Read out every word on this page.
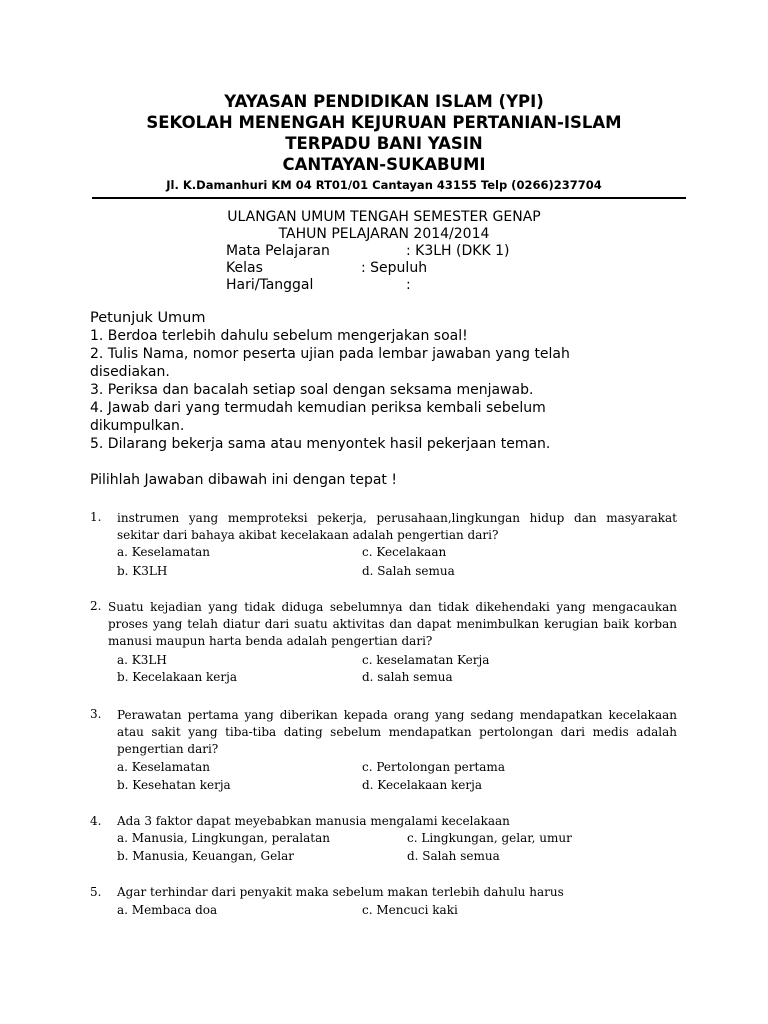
YAYASAN PENDIDIKAN ISLAM (YPI)
SEKOLAH MENENGAH KEJURUAN PERTANIAN-ISLAM
TERPADU BANI YASIN
CANTAYAN-SUKABUMI
Jl. K.Damanhuri KM 04 RT01/01 Cantayan 43155 Telp (0266)237704
ULANGAN UMUM TENGAH SEMESTER GENAP
TAHUN PELAJARAN 2014/2014
Mata Pelajaran	: K3LH (DKK 1)
Kelas	: Sepuluh
Hari/Tanggal	:
Petunjuk Umum
1. Berdoa terlebih dahulu sebelum mengerjakan soal!
2. Tulis Nama, nomor peserta ujian pada lembar jawaban yang telah
disediakan.
3. Periksa dan bacalah setiap soal dengan seksama menjawab.
4. Jawab dari yang termudah kemudian periksa kembali sebelum
dikumpulkan.
5. Dilarang bekerja sama atau menyontek hasil pekerjaan teman.
Pilihlah Jawaban dibawah ini dengan tepat !
1. instrumen yang memproteksi pekerja, perusahaan,lingkungan hidup dan masyarakat sekitar dari bahaya akibat kecelakaan adalah pengertian dari?
a. Keselamatan	c. Kecelakaan
b. K3LH	d. Salah semua
2. Suatu kejadian yang tidak diduga sebelumnya dan tidak dikehendaki yang mengacaukan proses yang telah diatur dari suatu aktivitas dan dapat menimbulkan kerugian baik korban manusi maupun harta benda adalah pengertian dari?
a. K3LH	c. keselamatan Kerja
b. Kecelakaan kerja	d. salah semua
3. Perawatan pertama yang diberikan kepada orang yang sedang mendapatkan kecelakaan atau sakit yang tiba-tiba dating sebelum mendapatkan pertolongan dari medis adalah pengertian dari?
a. Keselamatan	c. Pertolongan pertama
b. Kesehatan kerja	d. Kecelakaan kerja
4. Ada 3 faktor dapat meyebabkan manusia mengalami kecelakaan
a. Manusia, Lingkungan, peralatan	c. Lingkungan, gelar, umur
b. Manusia, Keuangan, Gelar	d. Salah semua
5. Agar terhindar dari penyakit maka sebelum makan terlebih dahulu harus
a. Membaca doa	c. Mencuci kaki
